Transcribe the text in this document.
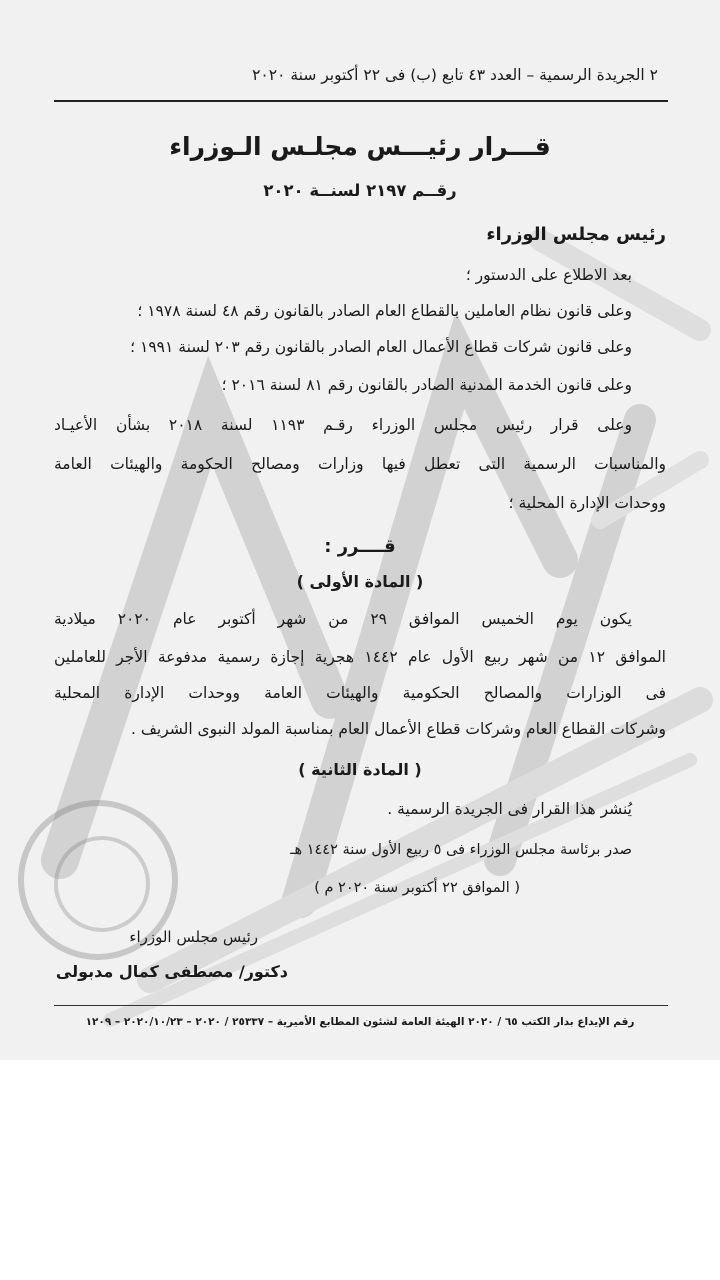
٢ الجريدة الرسمية – العدد ٤٣ تابع (ب) فى ٢٢ أكتوبر سنة ٢٠٢٠
قـــرار رئيـــس مجلـس الـوزراء
رقــم ٢١٩٧ لسنــة ٢٠٢٠
رئيس مجلس الوزراء
بعد الاطلاع على الدستور ؛
وعلى قانون نظام العاملين بالقطاع العام الصادر بالقانون رقم ٤٨ لسنة ١٩٧٨ ؛
وعلى قانون شركات قطاع الأعمال العام الصادر بالقانون رقم ٢٠٣ لسنة ١٩٩١ ؛
وعلى قانون الخدمة المدنية الصادر بالقانون رقم ٨١ لسنة ٢٠١٦ ؛
وعلى قرار رئيس مجلس الوزراء رقـم ١١٩٣ لسنة ٢٠١٨ بشأن الأعيـاد
والمناسبات الرسمية التى تعطل فيها وزارات ومصالح الحكومة والهيئات العامة
ووحدات الإدارة المحلية ؛
قــــرر :
( المادة الأولى )
يكون يوم الخميس الموافق ٢٩ من شهر أكتوبر عام ٢٠٢٠ ميلادية
الموافق ١٢ من شهر ربيع الأول عام ١٤٤٢ هجرية إجازة رسمية مدفوعة الأجر للعاملين
فى الوزارات والمصالح الحكومية والهيئات العامة ووحدات الإدارة المحلية
وشركات القطاع العام وشركات قطاع الأعمال العام بمناسبة المولد النبوى الشريف .
( المادة الثانية )
يُنشر هذا القرار فى الجريدة الرسمية .
صدر برئاسة مجلس الوزراء فى ٥ ربيع الأول سنة ١٤٤٢ هـ
( الموافق ٢٢ أكتوبر سنة ٢٠٢٠ م )
رئيس مجلس الوزراء
دكتور/ مصطفى كمال مدبولى
رقم الإيداع بدار الكتب ٦٥ / ٢٠٢٠ الهيئة العامة لشئون المطابع الأميرية – ٢٥٣٣٧ / ٢٠٢٠ – ٢٠٢٠/١٠/٢٣ – ١٢٠٩
